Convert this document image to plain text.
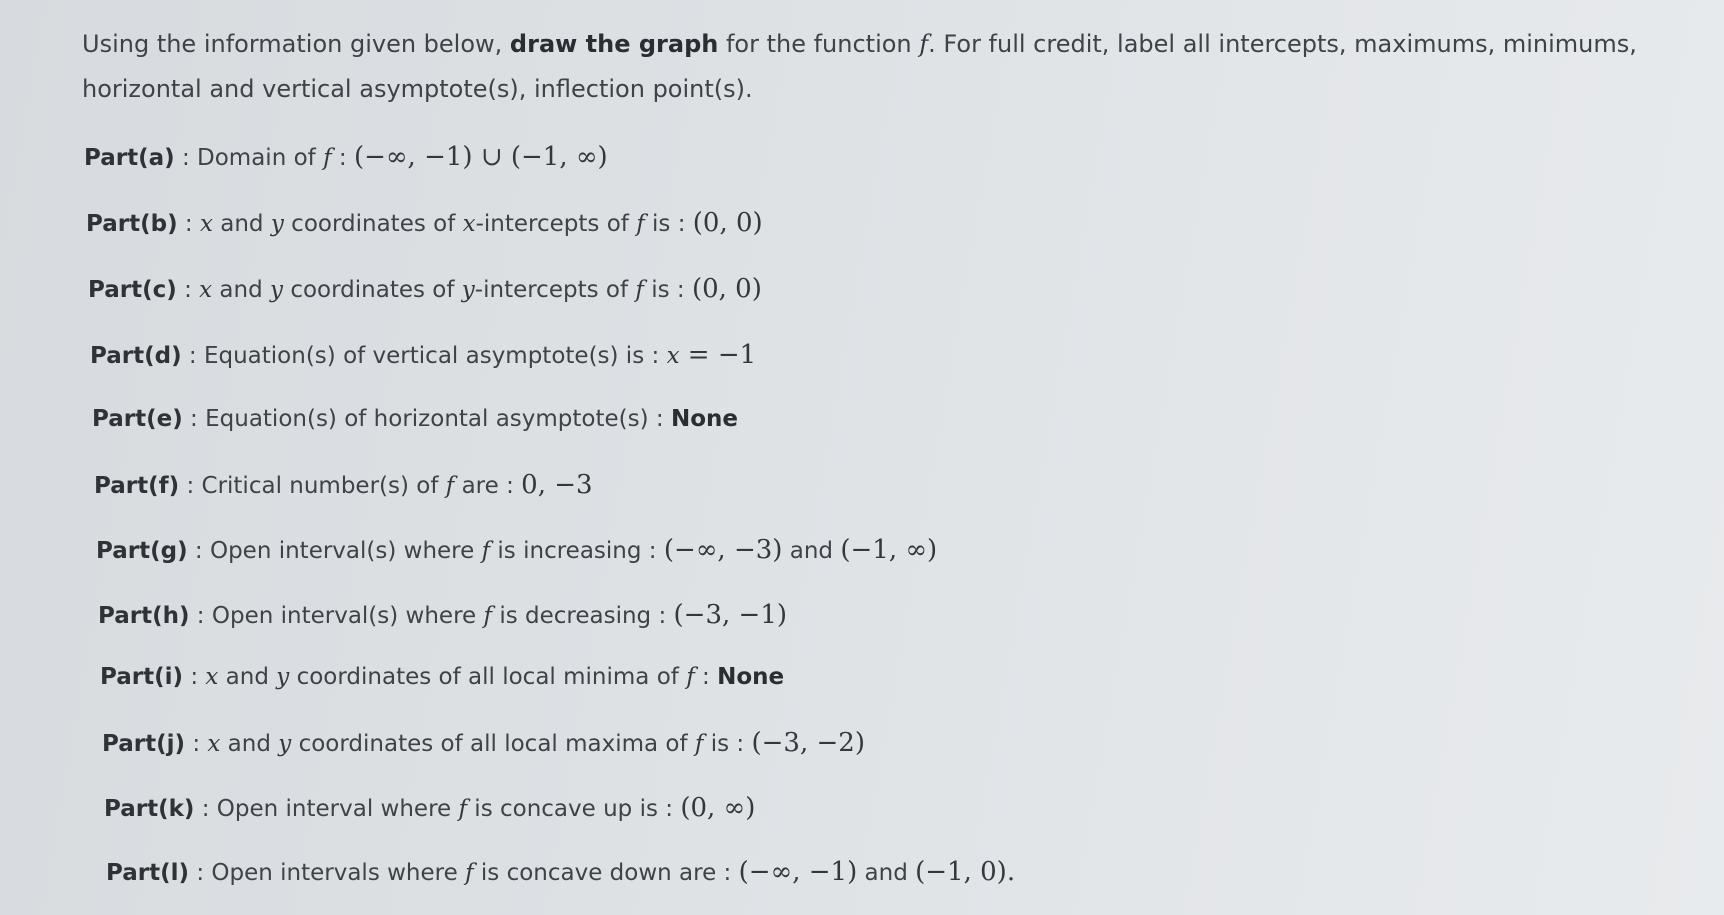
Using the information given below, draw the graph for the function f. For full credit, label all intercepts, maximums, minimums, horizontal and vertical asymptote(s), inflection point(s).
Part(a) : Domain of f : (−∞, −1) ∪ (−1, ∞)
Part(b) : x and y coordinates of x-intercepts of f is : (0, 0)
Part(c) : x and y coordinates of y-intercepts of f is : (0, 0)
Part(d) : Equation(s) of vertical asymptote(s) is : x = −1
Part(e) : Equation(s) of horizontal asymptote(s) : None
Part(f) : Critical number(s) of f are : 0, −3
Part(g) : Open interval(s) where f is increasing : (−∞, −3) and (−1, ∞)
Part(h) : Open interval(s) where f is decreasing : (−3, −1)
Part(i) : x and y coordinates of all local minima of f : None
Part(j) : x and y coordinates of all local maxima of f is : (−3, −2)
Part(k) : Open interval where f is concave up is : (0, ∞)
Part(l) : Open intervals where f is concave down are : (−∞, −1) and (−1, 0).
